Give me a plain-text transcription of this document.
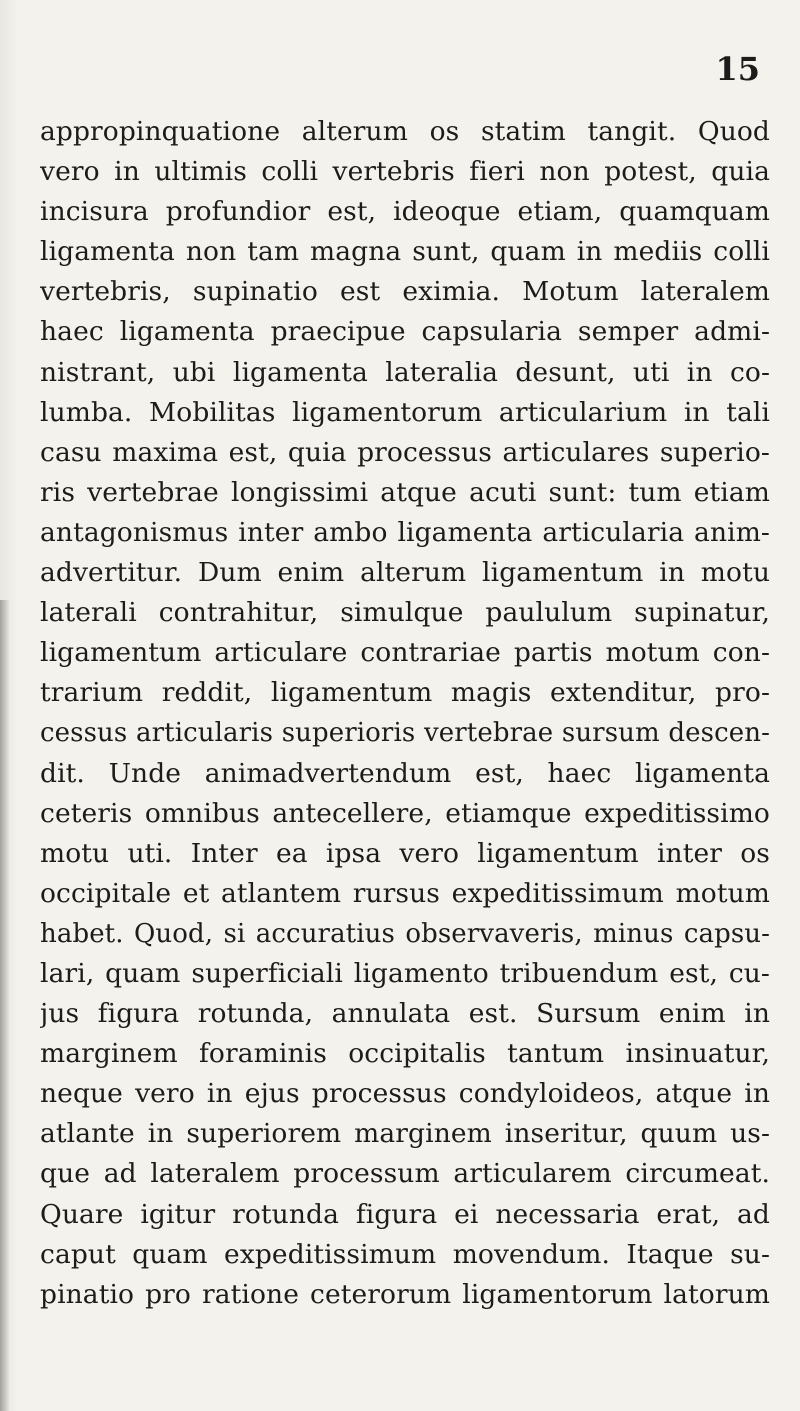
15
appropinquatione alterum os statim tangit. Quod
vero in ultimis colli vertebris fieri non potest, quia
incisura profundior est, ideoque etiam, quamquam
ligamenta non tam magna sunt, quam in mediis colli
vertebris, supinatio est eximia. Motum lateralem
haec ligamenta praecipue capsularia semper admi-
nistrant, ubi ligamenta lateralia desunt, uti in co-
lumba. Mobilitas ligamentorum articularium in tali
casu maxima est, quia processus articulares superio-
ris vertebrae longissimi atque acuti sunt: tum etiam
antagonismus inter ambo ligamenta articularia anim-
advertitur. Dum enim alterum ligamentum in motu
laterali contrahitur, simulque paululum supinatur,
ligamentum articulare contrariae partis motum con-
trarium reddit, ligamentum magis extenditur, pro-
cessus articularis superioris vertebrae sursum descen-
dit. Unde animadvertendum est, haec ligamenta
ceteris omnibus antecellere, etiamque expeditissimo
motu uti. Inter ea ipsa vero ligamentum inter os
occipitale et atlantem rursus expeditissimum motum
habet. Quod, si accuratius observaveris, minus capsu-
lari, quam superficiali ligamento tribuendum est, cu-
jus figura rotunda, annulata est. Sursum enim in
marginem foraminis occipitalis tantum insinuatur,
neque vero in ejus processus condyloideos, atque in
atlante in superiorem marginem inseritur, quum us-
que ad lateralem processum articularem circumeat.
Quare igitur rotunda figura ei necessaria erat, ad
caput quam expeditissimum movendum. Itaque su-
pinatio pro ratione ceterorum ligamentorum latorum
